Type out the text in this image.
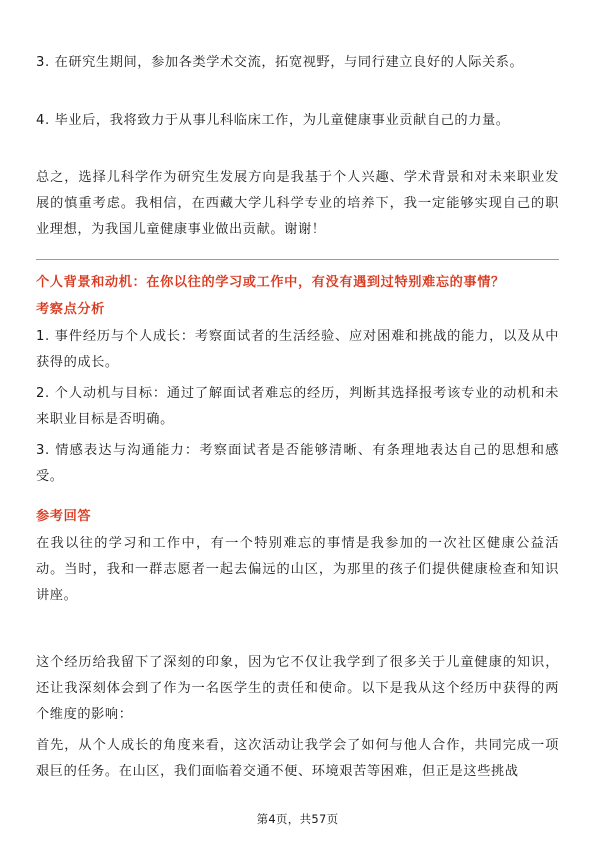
3. 在研究生期间，参加各类学术交流，拓宽视野，与同行建立良好的人际关系。

4. 毕业后，我将致力于从事儿科临床工作，为儿童健康事业贡献自己的力量。

总之，选择儿科学作为研究生发展方向是我基于个人兴趣、学术背景和对未来职业发展的慎重考虑。我相信，在西藏大学儿科学专业的培养下，我一定能够实现自己的职业理想，为我国儿童健康事业做出贡献。谢谢！

个人背景和动机：在你以往的学习或工作中，有没有遇到过特别难忘的事情？

考察点分析

1. 事件经历与个人成长：考察面试者的生活经验、应对困难和挑战的能力，以及从中获得的成长。

2. 个人动机与目标：通过了解面试者难忘的经历，判断其选择报考该专业的动机和未来职业目标是否明确。

3. 情感表达与沟通能力：考察面试者是否能够清晰、有条理地表达自己的思想和感受。

参考回答

在我以往的学习和工作中，有一个特别难忘的事情是我参加的一次社区健康公益活动。当时，我和一群志愿者一起去偏远的山区，为那里的孩子们提供健康检查和知识讲座。

这个经历给我留下了深刻的印象，因为它不仅让我学到了很多关于儿童健康的知识，还让我深刻体会到了作为一名医学生的责任和使命。以下是我从这个经历中获得的两个维度的影响：

首先，从个人成长的角度来看，这次活动让我学会了如何与他人合作，共同完成一项艰巨的任务。在山区，我们面临着交通不便、环境艰苦等困难，但正是这些挑战

第4页，共57页
